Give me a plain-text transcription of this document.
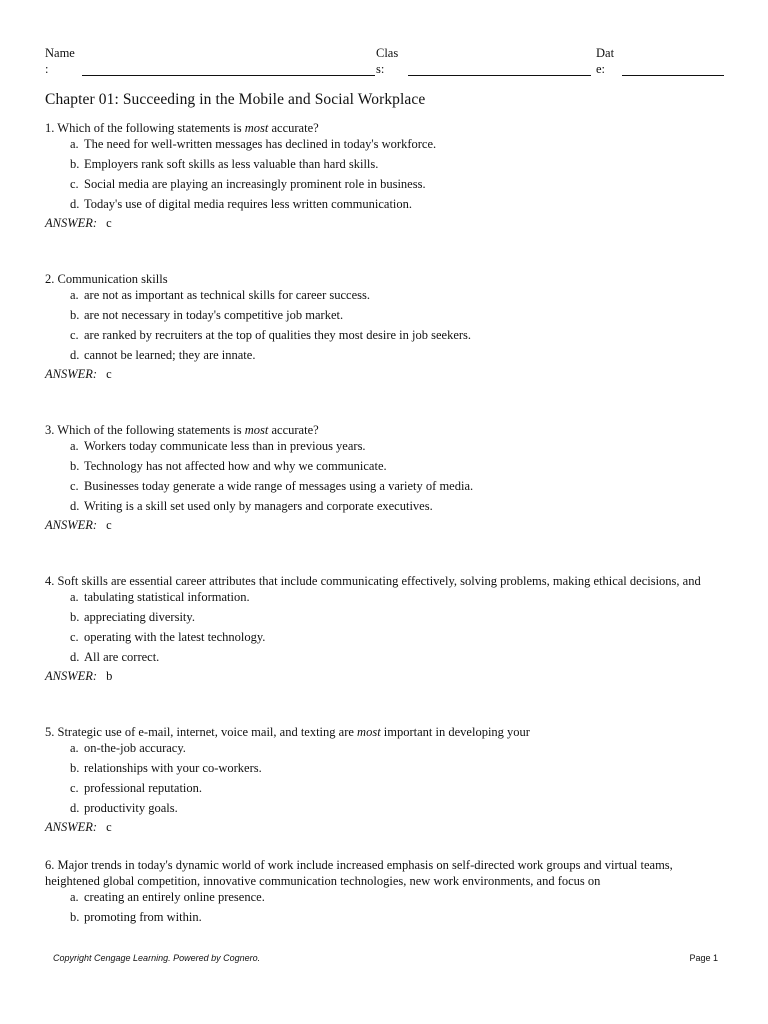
Name
:
Clas
s:
Dat
e:
Chapter 01: Succeeding in the Mobile and Social Workplace
1. Which of the following statements is most accurate?
a. The need for well-written messages has declined in today's workforce.
b. Employers rank soft skills as less valuable than hard skills.
c. Social media are playing an increasingly prominent role in business.
d. Today's use of digital media requires less written communication.
ANSWER: c
2. Communication skills
a. are not as important as technical skills for career success.
b. are not necessary in today's competitive job market.
c. are ranked by recruiters at the top of qualities they most desire in job seekers.
d. cannot be learned; they are innate.
ANSWER: c
3. Which of the following statements is most accurate?
a. Workers today communicate less than in previous years.
b. Technology has not affected how and why we communicate.
c. Businesses today generate a wide range of messages using a variety of media.
d. Writing is a skill set used only by managers and corporate executives.
ANSWER: c
4. Soft skills are essential career attributes that include communicating effectively, solving problems, making ethical decisions, and
a. tabulating statistical information.
b. appreciating diversity.
c. operating with the latest technology.
d. All are correct.
ANSWER: b
5. Strategic use of e-mail, internet, voice mail, and texting are most important in developing your
a. on-the-job accuracy.
b. relationships with your co-workers.
c. professional reputation.
d. productivity goals.
ANSWER: c
6. Major trends in today's dynamic world of work include increased emphasis on self-directed work groups and virtual teams, heightened global competition, innovative communication technologies, new work environments, and focus on
a. creating an entirely online presence.
b. promoting from within.
Copyright Cengage Learning. Powered by Cognero.	Page 1
